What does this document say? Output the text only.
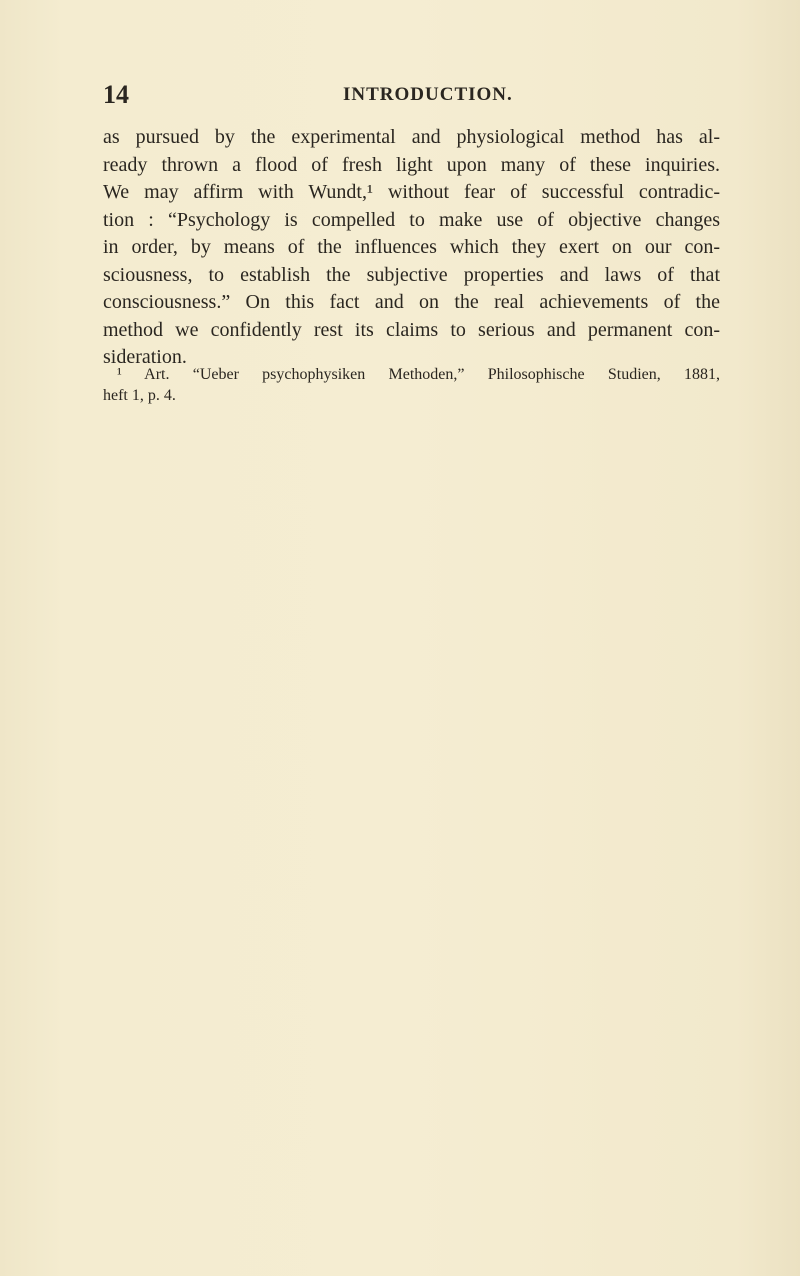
14	INTRODUCTION.
as pursued by the experimental and physiological method has al-
ready thrown a flood of fresh light upon many of these inquiries.
We may affirm with Wundt,¹ without fear of successful contradic-
tion : “Psychology is compelled to make use of objective changes
in order, by means of the influences which they exert on our con-
sciousness, to establish the subjective properties and laws of that
consciousness.” On this fact and on the real achievements of the
method we confidently rest its claims to serious and permanent con-
sideration.
¹ Art. “Ueber psychophysiken Methoden,” Philosophische Studien, 1881,
heft 1, p. 4.
